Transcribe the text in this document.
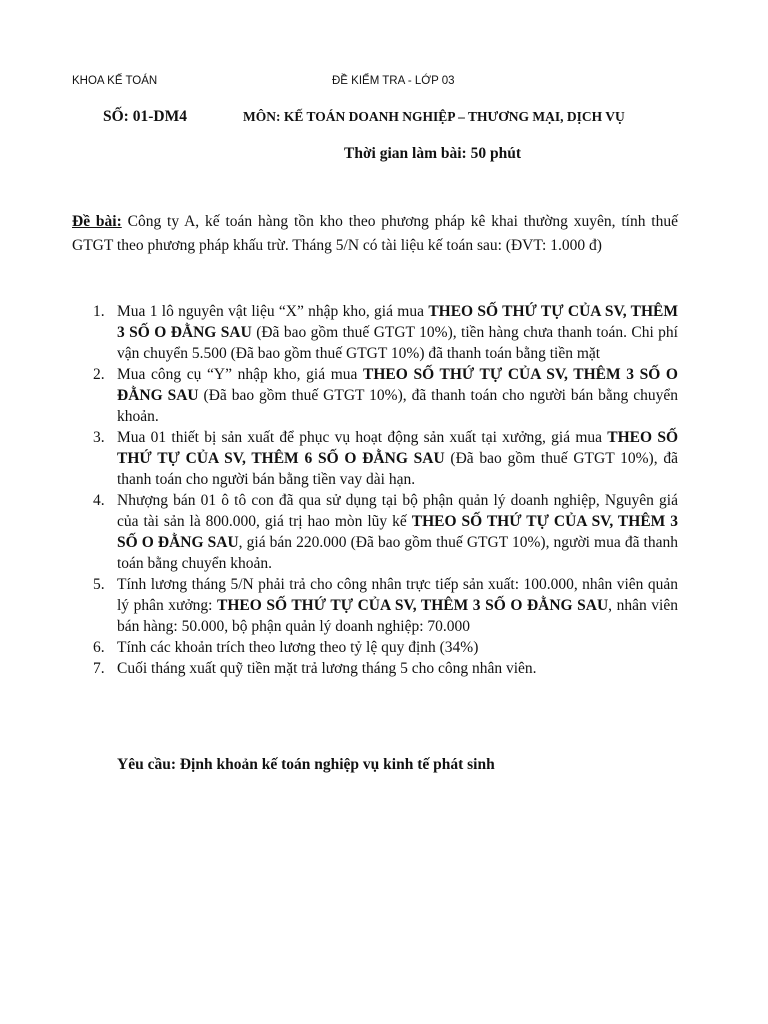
KHOA KẾ TOÁN	ĐỀ KIỂM TRA - LỚP 03
SỐ: 01-DM4	MÔN: KẾ TOÁN DOANH NGHIỆP – THƯƠNG MẠI, DỊCH VỤ
Thời gian làm bài: 50 phút
Đề bài: Công ty A, kế toán hàng tồn kho theo phương pháp kê khai thường xuyên, tính thuế GTGT theo phương pháp khấu trừ. Tháng 5/N có tài liệu kế toán sau: (ĐVT: 1.000 đ)
1. Mua 1 lô nguyên vật liệu “X” nhập kho, giá mua THEO SỐ THỨ TỰ CỦA SV, THÊM 3 SỐ O ĐẰNG SAU (Đã bao gồm thuế GTGT 10%), tiền hàng chưa thanh toán. Chi phí vận chuyển 5.500 (Đã bao gồm thuế GTGT 10%) đã thanh toán bằng tiền mặt
2. Mua công cụ “Y” nhập kho, giá mua THEO SỐ THỨ TỰ CỦA SV, THÊM 3 SỐ O ĐẰNG SAU (Đã bao gồm thuế GTGT 10%), đã thanh toán cho người bán bằng chuyển khoản.
3. Mua 01 thiết bị sản xuất để phục vụ hoạt động sản xuất tại xưởng, giá mua THEO SỐ THỨ TỰ CỦA SV, THÊM 6 SỐ O ĐẰNG SAU (Đã bao gồm thuế GTGT 10%), đã thanh toán cho người bán bằng tiền vay dài hạn.
4. Nhượng bán 01 ô tô con đã qua sử dụng tại bộ phận quản lý doanh nghiệp, Nguyên giá của tài sản là 800.000, giá trị hao mòn lũy kế THEO SỐ THỨ TỰ CỦA SV, THÊM 3 SỐ O ĐẰNG SAU, giá bán 220.000 (Đã bao gồm thuế GTGT 10%), người mua đã thanh toán bằng chuyển khoản.
5. Tính lương tháng 5/N phải trả cho công nhân trực tiếp sản xuất: 100.000, nhân viên quản lý phân xưởng: THEO SỐ THỨ TỰ CỦA SV, THÊM 3 SỐ O ĐẰNG SAU, nhân viên bán hàng: 50.000, bộ phận quản lý doanh nghiệp: 70.000
6. Tính các khoản trích theo lương theo tỷ lệ quy định (34%)
7. Cuối tháng xuất quỹ tiền mặt trả lương tháng 5 cho công nhân viên.
Yêu cầu: Định khoản kế toán nghiệp vụ kinh tế phát sinh
